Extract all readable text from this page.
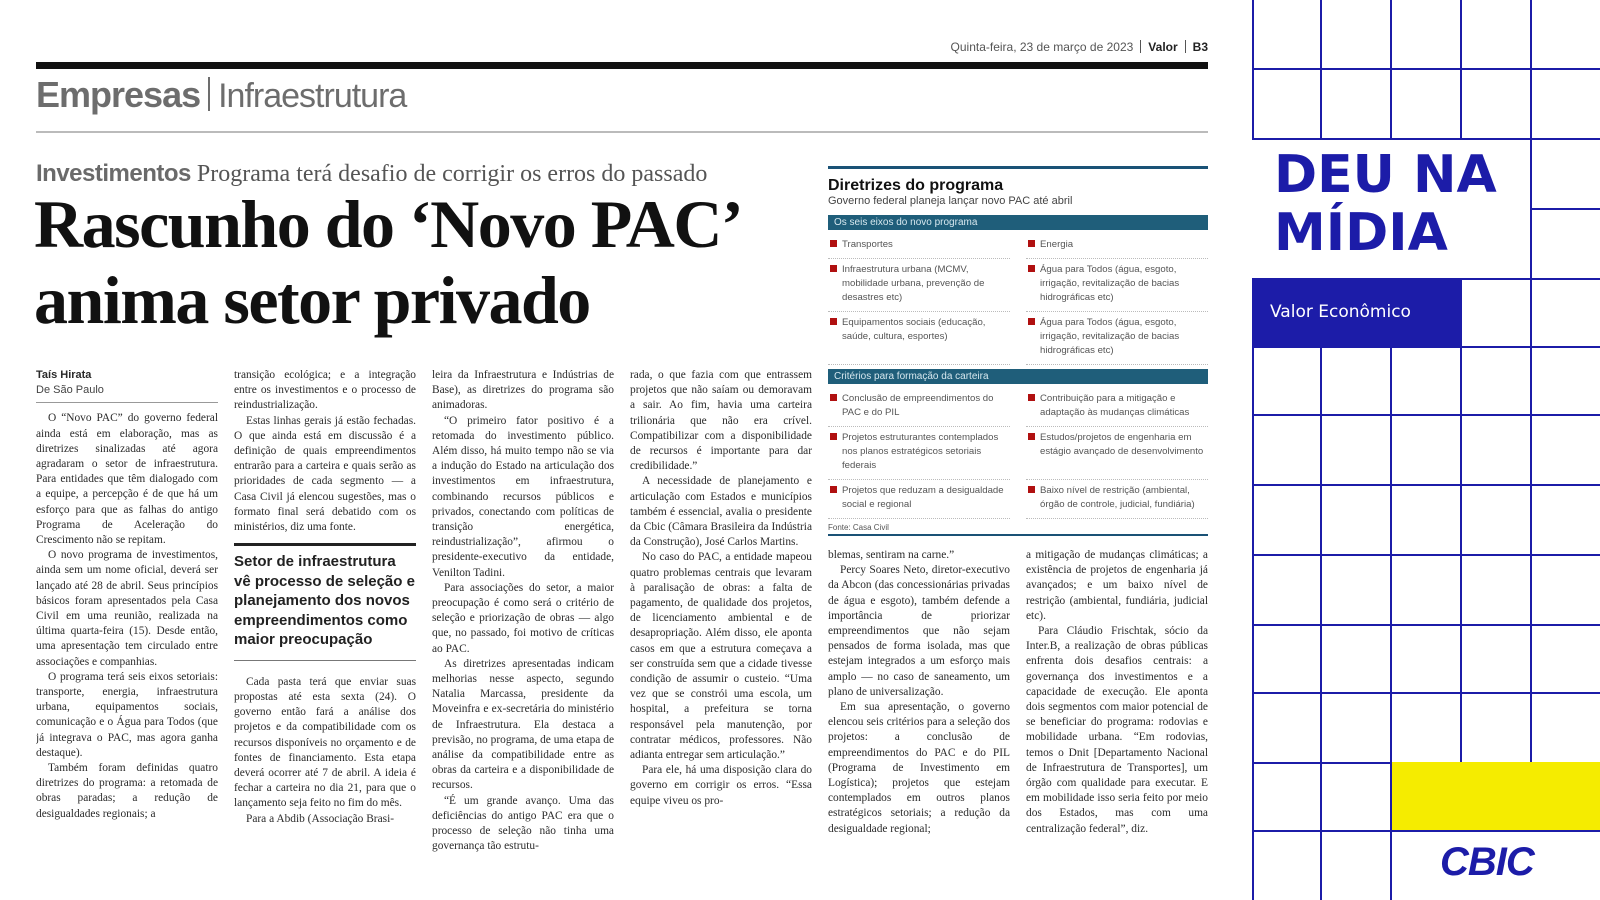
Quinta-feira, 23 de março de 2023 Valor B3
Empresas Infraestrutura
Investimentos Programa terá desafio de corrigir os erros do passado
Rascunho do ‘Novo PAC’ anima setor privado
Taís Hirata
De São Paulo

O “Novo PAC” do governo federal ainda está em elaboração, mas as diretrizes sinalizadas até agora agradaram o setor de infraestrutura. Para entidades que têm dialogado com a equipe, a percepção é de que há um esforço para que as falhas do antigo Programa de Aceleração do Crescimento não se repitam.

O novo programa de investimentos, ainda sem um nome oficial, deverá ser lançado até 28 de abril. Seus princípios básicos foram apresentados pela Casa Civil em uma reunião, realizada na última quarta-feira (15). Desde então, uma apresentação tem circulado entre associações e companhias.

O programa terá seis eixos setoriais: transporte, energia, infraestrutura urbana, equipamentos sociais, comunicação e o Água para Todos (que já integrava o PAC, mas agora ganha destaque).

Também foram definidas quatro diretrizes do programa: a retomada de obras paradas; a redução de desigualdades regionais; a

transição ecológica; e a integração entre os investimentos e o processo de reindustrialização.

Estas linhas gerais já estão fechadas. O que ainda está em discussão é a definição de quais empreendimentos entrarão para a carteira e quais serão as prioridades de cada segmento — a Casa Civil já elencou sugestões, mas o formato final será debatido com os ministérios, diz uma fonte.

Setor de infraestrutura vê processo de seleção e planejamento dos novos empreendimentos como maior preocupação

Cada pasta terá que enviar suas propostas até esta sexta (24). O governo então fará a análise dos projetos e da compatibilidade com os recursos disponíveis no orçamento e de fontes de financiamento. Esta etapa deverá ocorrer até 7 de abril. A ideia é fechar a carteira no dia 21, para que o lançamento seja feito no fim do mês.

Para a Abdib (Associação Brasi-

leira da Infraestrutura e Indústrias de Base), as diretrizes do programa são animadoras.

“O primeiro fator positivo é a retomada do investimento público. Além disso, há muito tempo não se via a indução do Estado na articulação dos investimentos em infraestrutura, combinando recursos públicos e privados, conectando com políticas de transição energética, reindustrialização”, afirmou o presidente-executivo da entidade, Venilton Tadini.

Para associações do setor, a maior preocupação é como será o critério de seleção e priorização de obras — algo que, no passado, foi motivo de críticas ao PAC.

As diretrizes apresentadas indicam melhorias nesse aspecto, segundo Natalia Marcassa, presidente da Moveinfra e ex-secretária do ministério de Infraestrutura. Ela destaca a previsão, no programa, de uma etapa de análise da compatibilidade entre as obras da carteira e a disponibilidade de recursos.

“É um grande avanço. Uma das deficiências do antigo PAC era que o processo de seleção não tinha uma governança tão estrutu-

rada, o que fazia com que entrassem projetos que não saíam ou demoravam a sair. Ao fim, havia uma carteira trilionária que não era crível. Compatibilizar com a disponibilidade de recursos é importante para dar credibilidade.”

A necessidade de planejamento e articulação com Estados e municípios também é essencial, avalia o presidente da Cbic (Câmara Brasileira da Indústria da Construção), José Carlos Martins.

No caso do PAC, a entidade mapeou quatro problemas centrais que levaram à paralisação de obras: a falta de pagamento, de qualidade dos projetos, de licenciamento ambiental e de desapropriação. Além disso, ele aponta casos em que a estrutura começava a ser construída sem que a cidade tivesse condição de assumir o custeio. “Uma vez que se constrói uma escola, um hospital, a prefeitura se torna responsável pela manutenção, por contratar médicos, professores. Não adianta entregar sem articulação.”

Para ele, há uma disposição clara do governo em corrigir os erros. “Essa equipe viveu os pro-

Diretrizes do programa
Governo federal planeja lançar novo PAC até abril
Os seis eixos do novo programa
Transportes	Energia
Infraestrutura urbana (MCMV, mobilidade urbana, prevenção de desastres etc)
Água para Todos (água, esgoto, irrigação, revitalização de bacias hidrográficas etc)
Equipamentos sociais (educação, saúde, cultura, esportes)
Água para Todos (água, esgoto, irrigação, revitalização de bacias hidrográficas etc)
Critérios para formação da carteira
Conclusão de empreendimentos do PAC e do PIL
Contribuição para a mitigação e adaptação às mudanças climáticas
Projetos estruturantes contemplados nos planos estratégicos setoriais federais
Estudos/projetos de engenharia em estágio avançado de desenvolvimento
Projetos que reduzam a desigualdade social e regional
Baixo nível de restrição (ambiental, órgão de controle, judicial, fundiária)
Fonte: Casa Civil

blemas, sentiram na carne.”

Percy Soares Neto, diretor-executivo da Abcon (das concessionárias privadas de água e esgoto), também defende a importância de priorizar empreendimentos que não sejam pensados de forma isolada, mas que estejam integrados a um esforço mais amplo — no caso de saneamento, um plano de universalização.

Em sua apresentação, o governo elencou seis critérios para a seleção dos projetos: a conclusão de empreendimentos do PAC e do PIL (Programa de Investimento em Logística); projetos que estejam contemplados em outros planos estratégicos setoriais; a redução da desigualdade regional;

a mitigação de mudanças climáticas; a existência de projetos de engenharia já avançados; e um baixo nível de restrição (ambiental, fundiária, judicial etc).

Para Cláudio Frischtak, sócio da Inter.B, a realização de obras públicas enfrenta dois desafios centrais: a governança dos investimentos e a capacidade de execução. Ele aponta dois segmentos com maior potencial de se beneficiar do programa: rodovias e mobilidade urbana. “Em rodovias, temos o Dnit [Departamento Nacional de Infraestrutura de Transportes], um órgão com qualidade para executar. E em mobilidade isso seria feito por meio dos Estados, mas com uma centralização federal”, diz.

DEU NA
MÍDIA
Valor Econômico
CBIC
